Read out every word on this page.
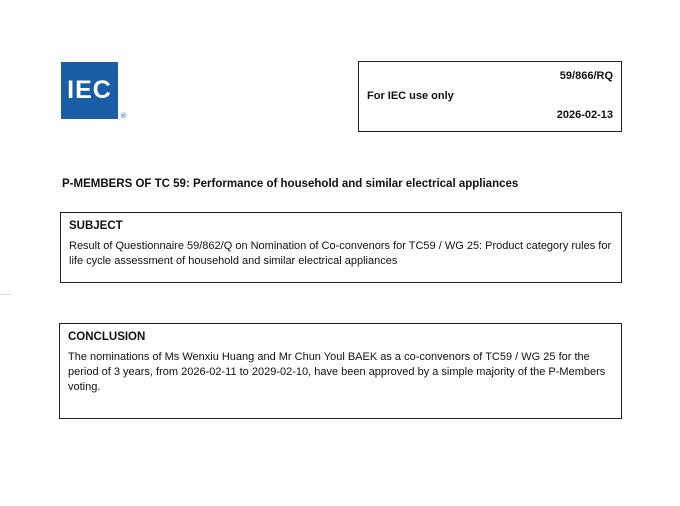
IEC
®
59/866/RQ
For IEC use only
2026-02-13
P-MEMBERS OF TC 59: Performance of household and similar electrical appliances
SUBJECT
Result of Questionnaire 59/862/Q on Nomination of Co-convenors for TC59 / WG 25: Product category rules for life cycle assessment of household and similar electrical appliances
CONCLUSION
The nominations of Ms Wenxiu Huang and Mr Chun Youl BAEK as a co-convenors of TC59 / WG 25 for the period of 3 years, from 2026-02-11 to 2029-02-10, have been approved by a simple majority of the P-Members voting.
